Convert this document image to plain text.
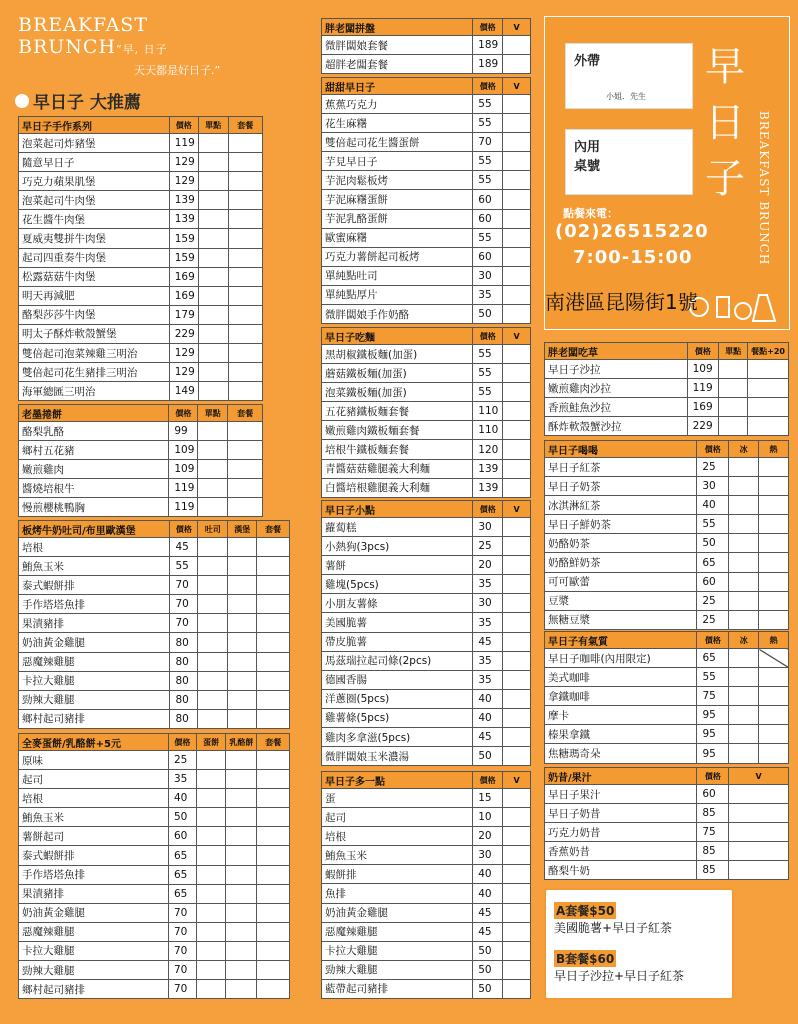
BREAKFAST
BRUNCH“早, 日子
天天都是好日子.”
早日子 大推薦
早日子手作系列	價格	單點	套餐
泡菜起司炸豬堡	119		
隨意早日子	129		
巧克力蘋果肌堡	129		
泡菜起司牛肉堡	139		
花生醬牛肉堡	139		
夏威夷雙拼牛肉堡	159		
起司四重奏牛肉堡	159		
松露菇菇牛肉堡	169		
明天再減肥	169		
酪梨莎莎牛肉堡	179		
明太子酥炸軟殼蟹堡	229		
雙倍起司泡菜辣雞三明治	129		
雙倍起司花生豬排三明治	129		
海軍總匯三明治	149		
老墨捲餅	價格	單點	套餐
酪梨乳酪	99		
鄉村五花豬	109		
嫩煎雞肉	109		
醬燒培根牛	119		
慢煎櫻桃鴨胸	119		
板烤牛奶吐司/布里歐漢堡	價格	吐司	漢堡	套餐
培根	45			
鮪魚玉米	55			
泰式蝦餅排	70			
手作塔塔魚排	70			
果漬豬排	70			
奶油黃金雞腿	80			
惡魔辣雞腿	80			
卡拉大雞腿	80			
勁辣大雞腿	80			
鄉村起司豬排	80			
全麥蛋餅/乳酪餅+5元	價格	蛋餅	乳酪餅	套餐
原味	25			
起司	35			
培根	40			
鮪魚玉米	50			
薯餅起司	60			
泰式蝦餅排	65			
手作塔塔魚排	65			
果漬豬排	65			
奶油黃金雞腿	70			
惡魔辣雞腿	70			
卡拉大雞腿	70			
勁辣大雞腿	70			
鄉村起司豬排	70			
胖老闆拼盤	價格	V
微胖闆娘套餐	189	
超胖老闆套餐	189	
甜甜早日子	價格	V
蕉蕉巧克力	55	
花生麻糬	55	
雙倍起司花生醬蛋餅	70	
芋見早日子	55	
芋泥肉鬆板烤	55	
芋泥麻糬蛋餅	60	
芋泥乳酪蛋餅	60	
歐蜜麻糬	55	
巧克力薯餅起司板烤	60	
單純點吐司	30	
單純點厚片	35	
微胖闆娘手作奶酪	50	
早日子吃麵	價格	V
黑胡椒鐵板麵(加蛋)	55	
蘑菇鐵板麵(加蛋)	55	
泡菜鐵板麵(加蛋)	55	
五花豬鐵板麵套餐	110	
嫩煎雞肉鐵板麵套餐	110	
培根牛鐵板麵套餐	120	
青醬菇菇雞腿義大利麵	139	
白醬培根雞腿義大利麵	139	
早日子小點	價格	V
蘿蔔糕	30	
小熱狗(3pcs)	25	
薯餅	20	
雞塊(5pcs)	35	
小朋友薯條	30	
美國脆薯	35	
帶皮脆薯	45	
馬茲瑞拉起司條(2pcs)	35	
德國香腸	35	
洋蔥圈(5pcs)	40	
雞薯條(5pcs)	40	
雞肉多拿滋(5pcs)	45	
微胖闆娘玉米濃湯	50	
早日子多一點	價格	V
蛋	15	
起司	10	
培根	20	
鮪魚玉米	30	
蝦餅排	40	
魚排	40	
奶油黃金雞腿	45	
惡魔辣雞腿	45	
卡拉大雞腿	50	
勁辣大雞腿	50	
藍帶起司豬排	50	
胖老闆吃草	價格	單點	餐點+20
早日子沙拉	109		
嫩煎雞肉沙拉	119		
香煎鮭魚沙拉	169		
酥炸軟殼蟹沙拉	229		
早日子喝喝	價格	冰	熱
早日子紅茶	25		
早日子奶茶	30		
冰淇淋紅茶	40		
早日子鮮奶茶	55		
奶酪奶茶	50		
奶酪鮮奶茶	65		
可可歐蕾	60		
豆漿	25		
無糖豆漿	25		
早日子有氣質	價格	冰	熱
早日子咖啡(內用限定)	65		
美式咖啡	55		
拿鐵咖啡	75		
摩卡	95		
榛果拿鐵	95		
焦糖瑪奇朵	95		
奶昔/果汁	價格	V
早日子果汁	60	
早日子奶昔	85	
巧克力奶昔	75	
香蕉奶昔	85	
酪梨牛奶	85	
外帶
小姐．先生
內用
桌號
早
日
子	BREAKFAST BRUNCH
點餐來電：
(02)26515220
7:00-15:00
南港區昆陽街1號
A套餐$50
美國脆薯+早日子紅茶
B套餐$60
早日子沙拉+早日子紅茶
